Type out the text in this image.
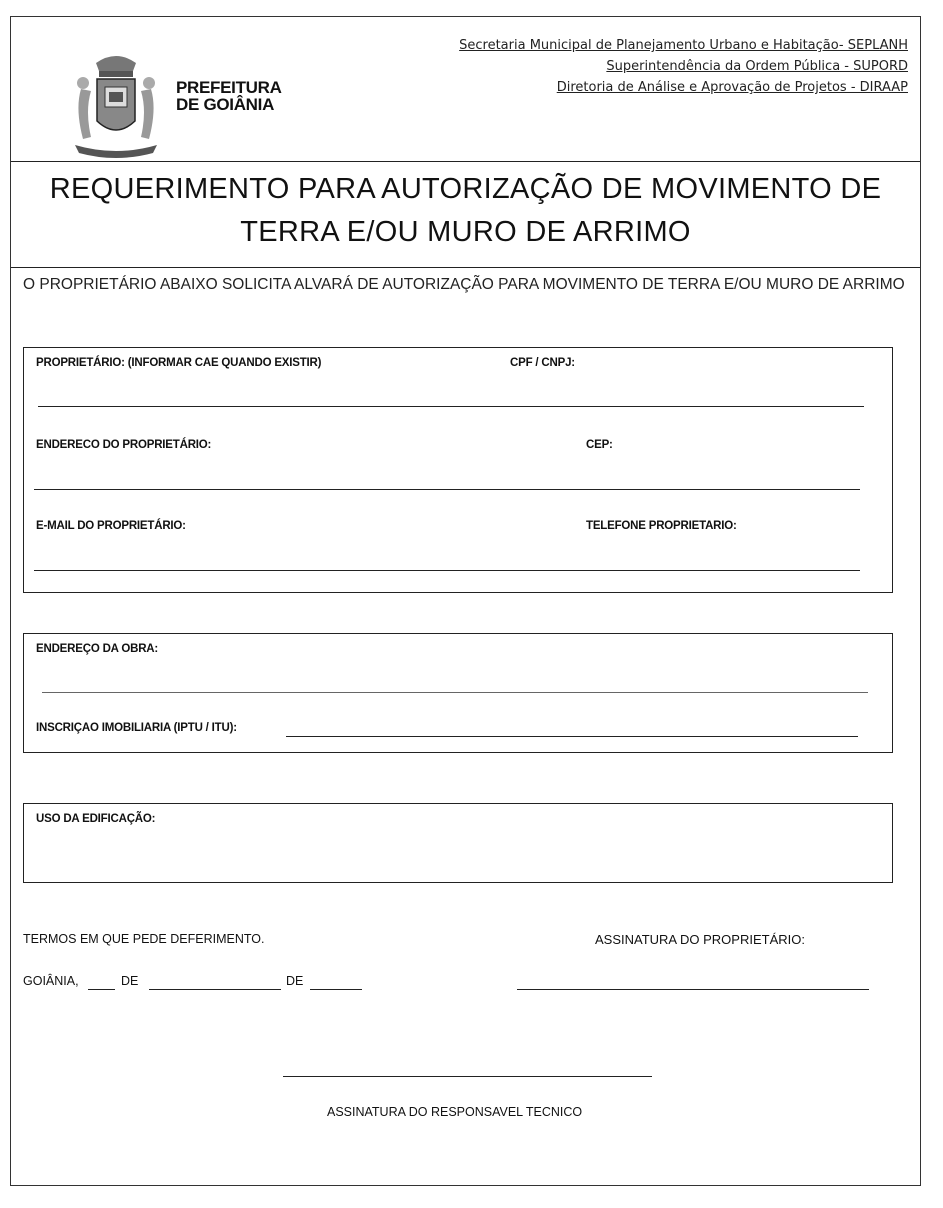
PREFEITURA
DE GOIÂNIA
Secretaria Municipal de Planejamento Urbano e Habitação- SEPLANH
Superintendência da Ordem Pública - SUPORD
Diretoria de Análise e Aprovação de Projetos - DIRAAP
REQUERIMENTO PARA AUTORIZAÇÃO DE MOVIMENTO DE
TERRA E/OU MURO DE ARRIMO
O PROPRIETÁRIO ABAIXO SOLICITA ALVARÁ DE AUTORIZAÇÃO PARA MOVIMENTO DE TERRA E/OU MURO DE ARRIMO
PROPRIETÁRIO: (INFORMAR CAE QUANDO EXISTIR)	CPF / CNPJ:
ENDERECO DO PROPRIETÁRIO:	CEP:
E-MAIL DO PROPRIETÁRIO:	TELEFONE PROPRIETARIO:
ENDEREÇO DA OBRA:
INSCRIÇAO IMOBILIARIA (IPTU / ITU):
USO DA EDIFICAÇÃO:
TERMOS EM QUE PEDE DEFERIMENTO.	ASSINATURA DO PROPRIETÁRIO:
GOIÂNIA,	DE	DE
ASSINATURA DO RESPONSAVEL TECNICO
